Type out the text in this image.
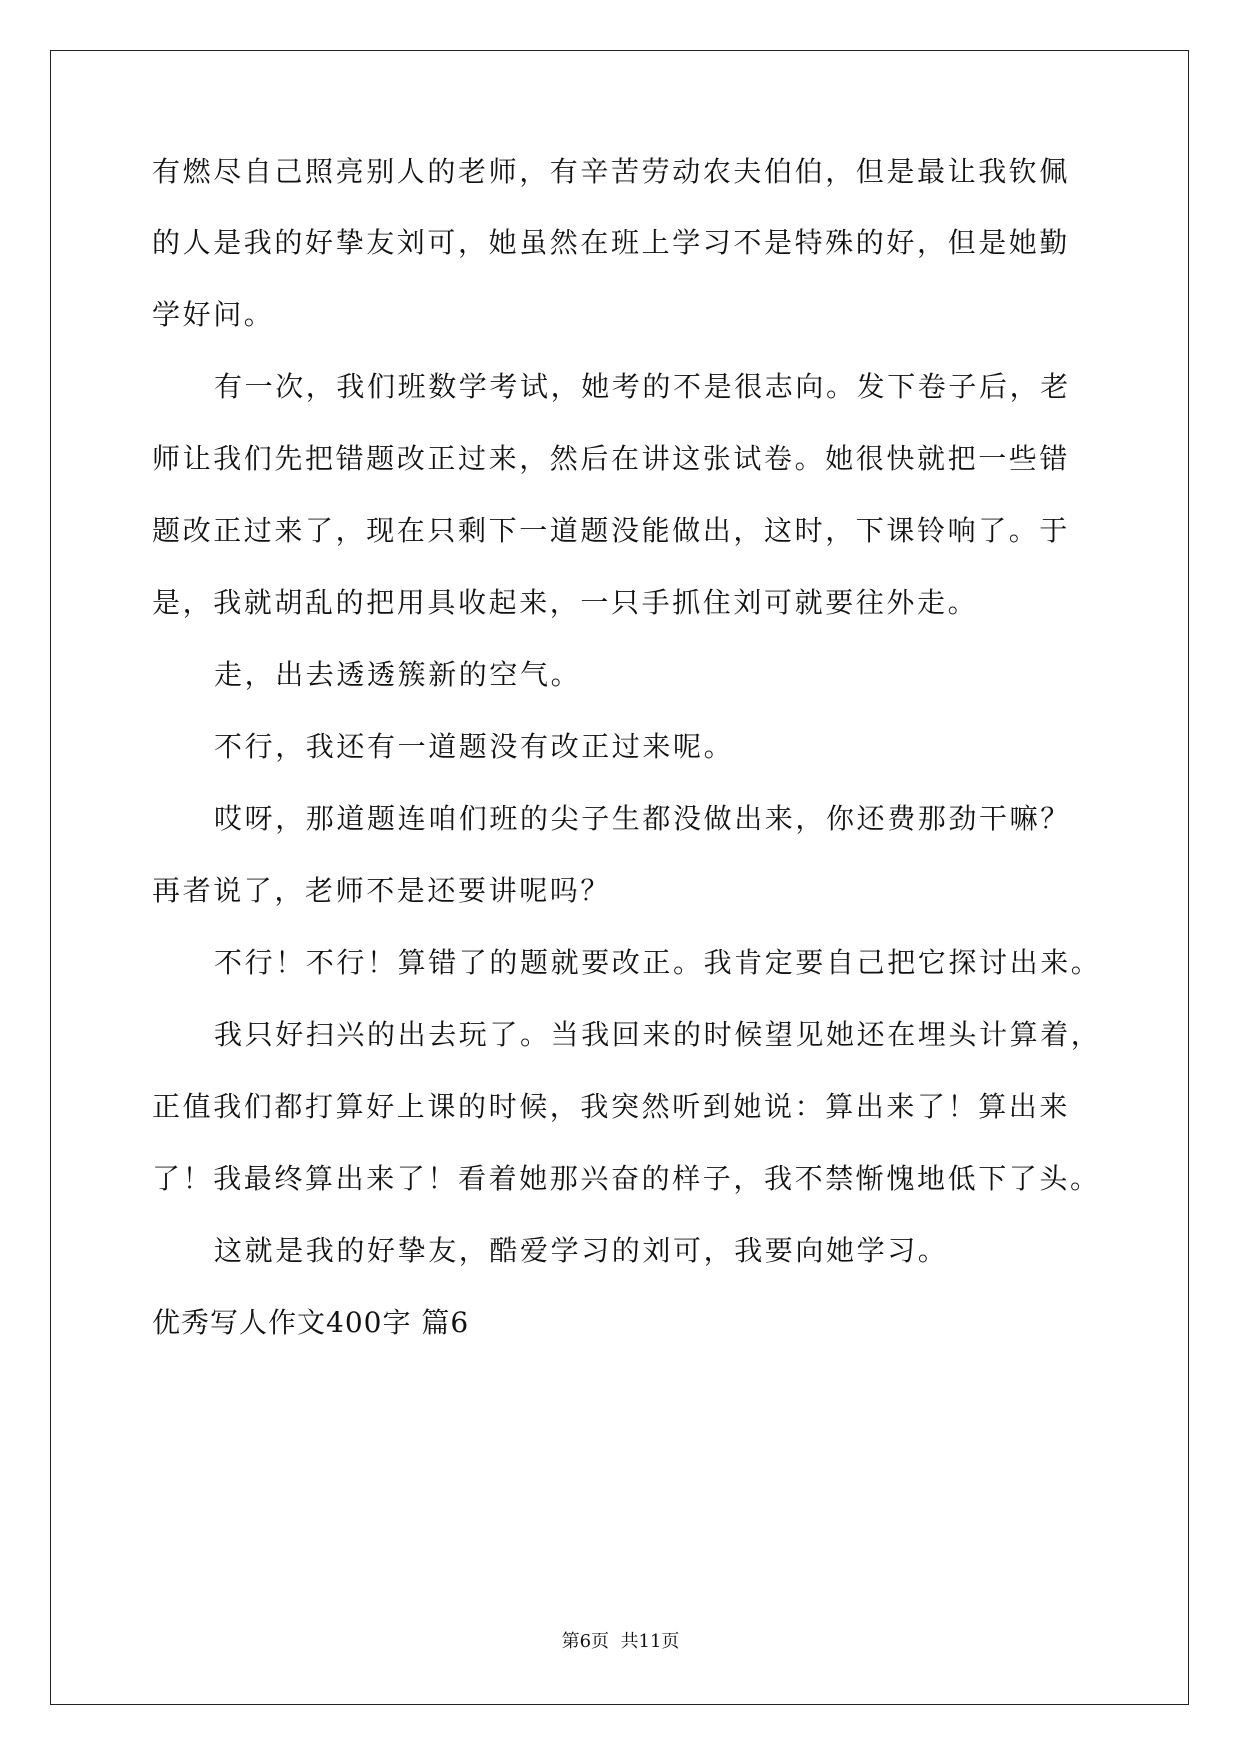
有燃尽自己照亮别人的老师，有辛苦劳动农夫伯伯，但是最让我钦佩
的人是我的好挚友刘可，她虽然在班上学习不是特殊的好，但是她勤
学好问。
有一次，我们班数学考试，她考的不是很志向。发下卷子后，老
师让我们先把错题改正过来，然后在讲这张试卷。她很快就把一些错
题改正过来了，现在只剩下一道题没能做出，这时，下课铃响了。于
是，我就胡乱的把用具收起来，一只手抓住刘可就要往外走。
走，出去透透簇新的空气。
不行，我还有一道题没有改正过来呢。
哎呀，那道题连咱们班的尖子生都没做出来，你还费那劲干嘛？
再者说了，老师不是还要讲呢吗？
不行！不行！算错了的题就要改正。我肯定要自己把它探讨出来。
我只好扫兴的出去玩了。当我回来的时候望见她还在埋头计算着，
正值我们都打算好上课的时候，我突然听到她说：算出来了！算出来
了！我最终算出来了！看着她那兴奋的样子，我不禁惭愧地低下了头。
这就是我的好挚友，酷爱学习的刘可，我要向她学习。
优秀写人作文400字 篇6
第6页  共11页
